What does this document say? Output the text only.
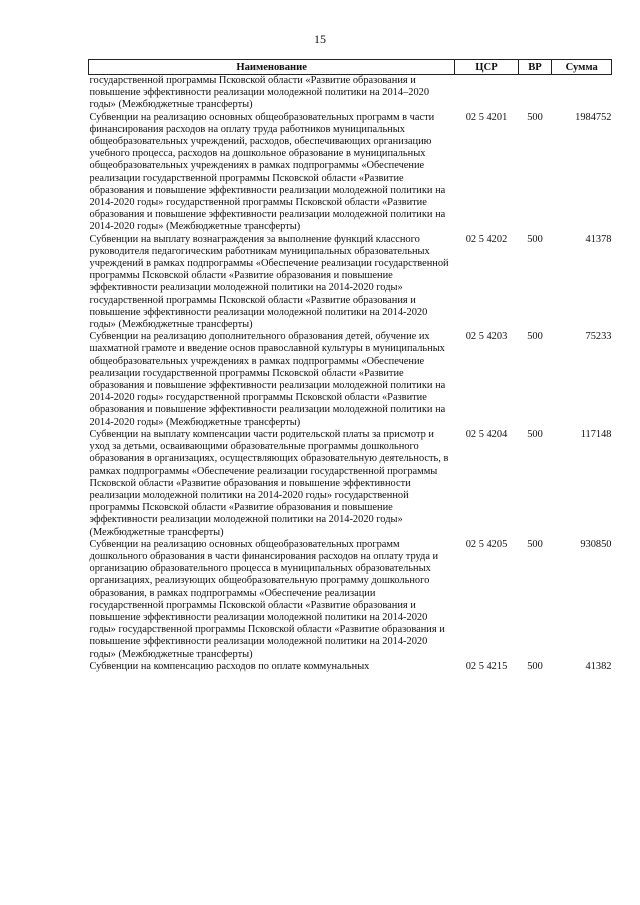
15
Наименование	ЦСР	ВР	Сумма
государственной программы Псковской области «Развитие образования и повышение эффективности реализации молодежной политики на 2014–2020 годы» (Межбюджетные трансферты)			
Субвенции на реализацию основных общеобразовательных программ в части финансирования расходов на оплату труда работников муниципальных общеобразовательных учреждений, расходов, обеспечивающих организацию учебного процесса, расходов на дошкольное образование в муниципальных общеобразовательных учреждениях в рамках подпрограммы «Обеспечение реализации государственной программы Псковской области «Развитие образования и повышение эффективности реализации молодежной политики на 2014-2020 годы» государственной программы Псковской области «Развитие образования и повышение эффективности реализации молодежной политики на 2014-2020 годы» (Межбюджетные трансферты)	02 5 4201	500	1984752
Субвенции на выплату вознаграждения за выполнение функций классного руководителя педагогическим работникам муниципальных образовательных учреждений в рамках подпрограммы «Обеспечение реализации государственной программы Псковской области «Развитие образования и повышение эффективности реализации молодежной политики на 2014-2020 годы» государственной программы Псковской области «Развитие образования и повышение эффективности реализации молодежной политики на 2014-2020 годы» (Межбюджетные трансферты)	02 5 4202	500	41378
Субвенции на реализацию дополнительного образования детей, обучение их шахматной грамоте и введение основ православной культуры в муниципальных общеобразовательных учреждениях в рамках подпрограммы «Обеспечение реализации государственной программы Псковской области «Развитие образования и повышение эффективности реализации молодежной политики на 2014-2020 годы» государственной программы Псковской области «Развитие образования и повышение эффективности реализации молодежной политики на 2014-2020 годы» (Межбюджетные трансферты)	02 5 4203	500	75233
Субвенции на выплату компенсации части родительской платы за присмотр и уход за детьми, осваивающими образовательные программы дошкольного образования в организациях, осуществляющих образовательную деятельность, в рамках подпрограммы «Обеспечение реализации государственной программы Псковской области «Развитие образования и повышение эффективности реализации молодежной политики на 2014-2020 годы» государственной программы Псковской области «Развитие образования и повышение эффективности реализации молодежной политики на 2014-2020 годы» (Межбюджетные трансферты)	02 5 4204	500	117148
Субвенции на реализацию основных общеобразовательных программ дошкольного образования в части финансирования расходов на оплату труда и организацию образовательного процесса в муниципальных образовательных организациях, реализующих общеобразовательную программу дошкольного образования, в рамках подпрограммы «Обеспечение реализации государственной программы Псковской области «Развитие образования и повышение эффективности реализации молодежной политики на 2014-2020 годы» государственной программы Псковской области «Развитие образования и повышение эффективности реализации молодежной политики на 2014-2020 годы» (Межбюджетные трансферты)	02 5 4205	500	930850
Субвенции на компенсацию расходов по оплате коммунальных	02 5 4215	500	41382
